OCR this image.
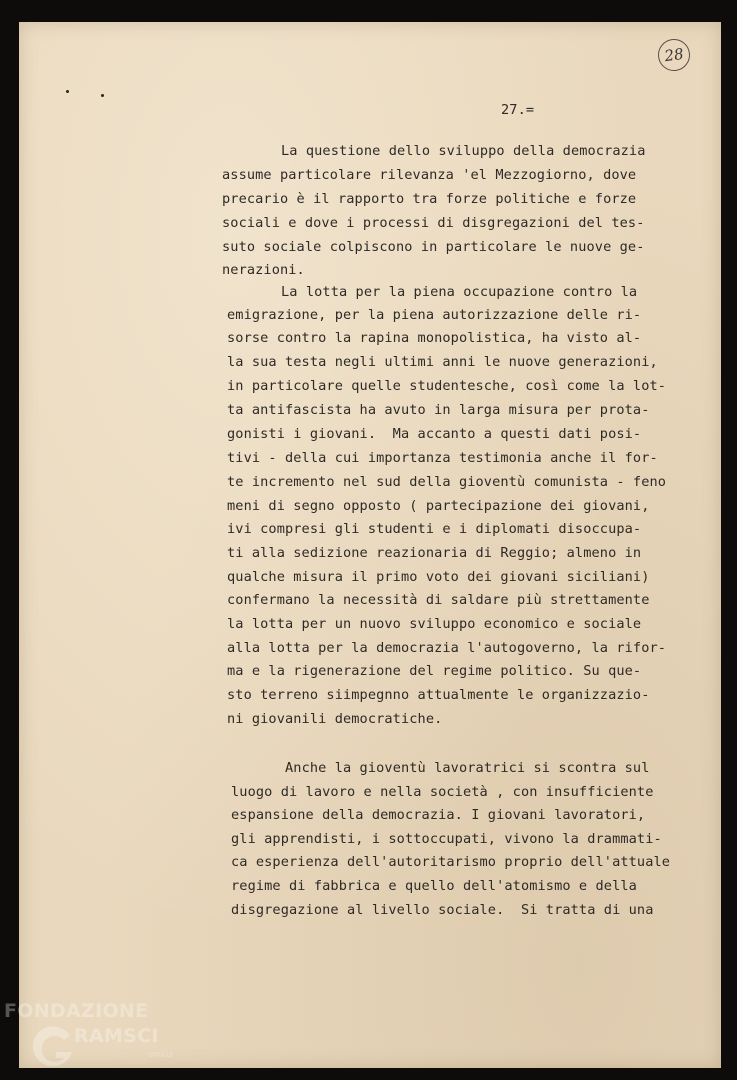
28
27.=

La questione dello sviluppo della democrazia

assume particolare rilevanza 'el Mezzogiorno, dove

precario è il rapporto tra forze politiche e forze

sociali e dove i processi di disgregazioni del tes-

suto sociale colpiscono in particolare le nuove ge-

nerazioni.

La lotta per la piena occupazione contro la

emigrazione, per la piena autorizzazione delle ri-

sorse contro la rapina monopolistica, ha visto al-

la sua testa negli ultimi anni le nuove generazioni,

in particolare quelle studentesche, così come la lot-

ta antifascista ha avuto in larga misura per prota-

gonisti i giovani.  Ma accanto a questi dati posi-

tivi - della cui importanza testimonia anche il for-

te incremento nel sud della gioventù comunista - feno

meni di segno opposto ( partecipazione dei giovani,

ivi compresi gli studenti e i diplomati disoccupa-

ti alla sedizione reazionaria di Reggio; almeno in

qualche misura il primo voto dei giovani siciliani)

confermano la necessità di saldare più strettamente

la lotta per un nuovo sviluppo economico e sociale

alla lotta per la democrazia l'autogoverno, la rifor-

ma e la rigenerazione del regime politico. Su que-

sto terreno siimpegnno attualmente le organizzazio-

ni giovanili democratiche.

Anche la gioventù lavoratrici si scontra sul

luogo di lavoro e nella società , con insufficiente

espansione della democrazia. I giovani lavoratori,

gli apprendisti, i sottoccupati, vivono la drammati-

ca esperienza dell'autoritarismo proprio dell'attuale

regime di fabbrica e quello dell'atomismo e della

disgregazione al livello sociale.  Si tratta di una

FONDAZIONE
RAMSCI
onlus
